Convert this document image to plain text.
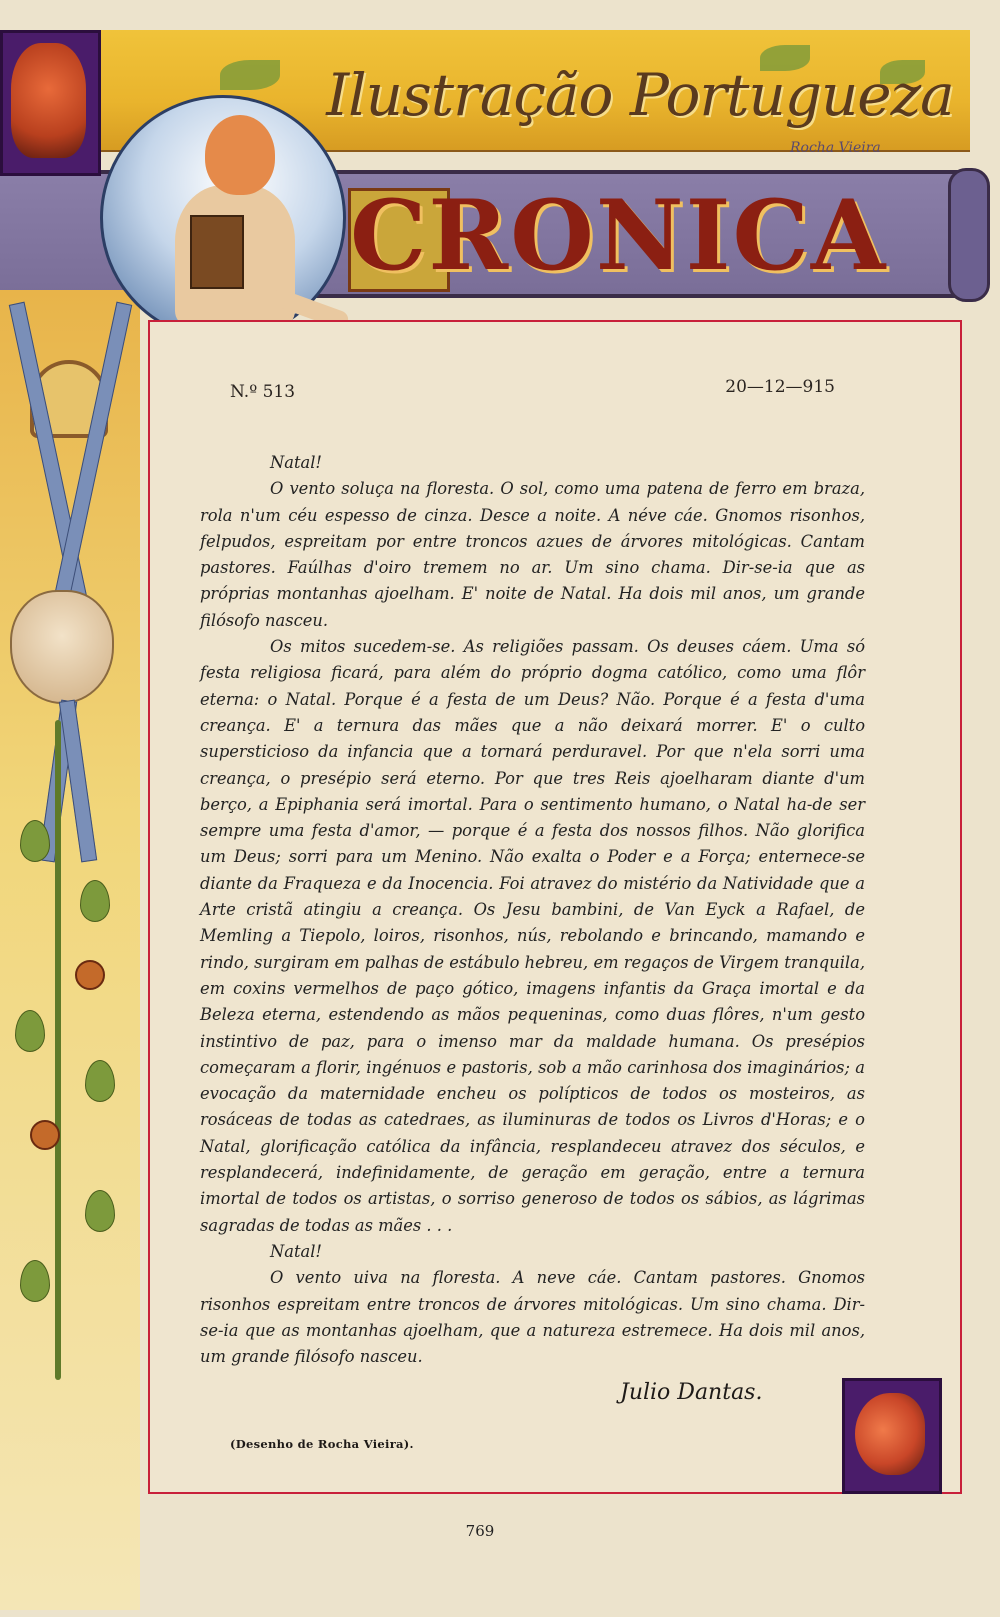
Ilustração Portugueza
Rocha Vieira
CRONICA
N.º 513	20—12—915

Natal!

O vento soluça na floresta. O sol, como uma patena de ferro em braza, rola n'um céu espesso de cinza. Desce a noite. A néve cáe. Gnomos risonhos, felpudos, espreitam por entre troncos azues de árvores mitológicas. Cantam pastores. Faúlhas d'oiro tremem no ar. Um sino chama. Dir-se-ia que as próprias montanhas ajoelham. E' noite de Natal. Ha dois mil anos, um grande filósofo nasceu.

Os mitos sucedem-se. As religiões passam. Os deuses cáem. Uma só festa religiosa ficará, para além do próprio dogma católico, como uma flôr eterna: o Natal. Porque é a festa de um Deus? Não. Porque é a festa d'uma creança. E' a ternura das mães que a não deixará morrer. E' o culto supersticioso da infancia que a tornará perduravel. Por que n'ela sorri uma creança, o presépio será eterno. Por que tres Reis ajoelharam diante d'um berço, a Epiphania será imortal. Para o sentimento humano, o Natal ha-de ser sempre uma festa d'amor, — porque é a festa dos nossos filhos. Não glorifica um Deus; sorri para um Menino. Não exalta o Poder e a Força; enternece-se diante da Fraqueza e da Inocencia. Foi atravez do mistério da Natividade que a Arte cristã atingiu a creança. Os Jesu bambini, de Van Eyck a Rafael, de Memling a Tiepolo, loiros, risonhos, nús, rebolando e brincando, mamando e rindo, surgiram em palhas de estábulo hebreu, em regaços de Virgem tranquila, em coxins vermelhos de paço gótico, imagens infantis da Graça imortal e da Beleza eterna, estendendo as mãos pequeninas, como duas flôres, n'um gesto instintivo de paz, para o imenso mar da maldade humana. Os presépios começaram a florir, ingénuos e pastoris, sob a mão carinhosa dos imaginários; a evocação da maternidade encheu os polípticos de todos os mosteiros, as rosáceas de todas as catedraes, as iluminuras de todos os Livros d'Horas; e o Natal, glorificação católica da infância, resplandeceu atravez dos séculos, e resplandecerá, indefinidamente, de geração em geração, entre a ternura imortal de todos os artistas, o sorriso generoso de todos os sábios, as lágrimas sagradas de todas as mães . . .

Natal!

O vento uiva na floresta. A neve cáe. Cantam pastores. Gnomos risonhos espreitam entre troncos de árvores mitológicas. Um sino chama. Dir-se-ia que as montanhas ajoelham, que a natureza estremece. Ha dois mil anos, um grande filósofo nasceu.

Julio Dantas.
(Desenho de Rocha Vieira).
769
